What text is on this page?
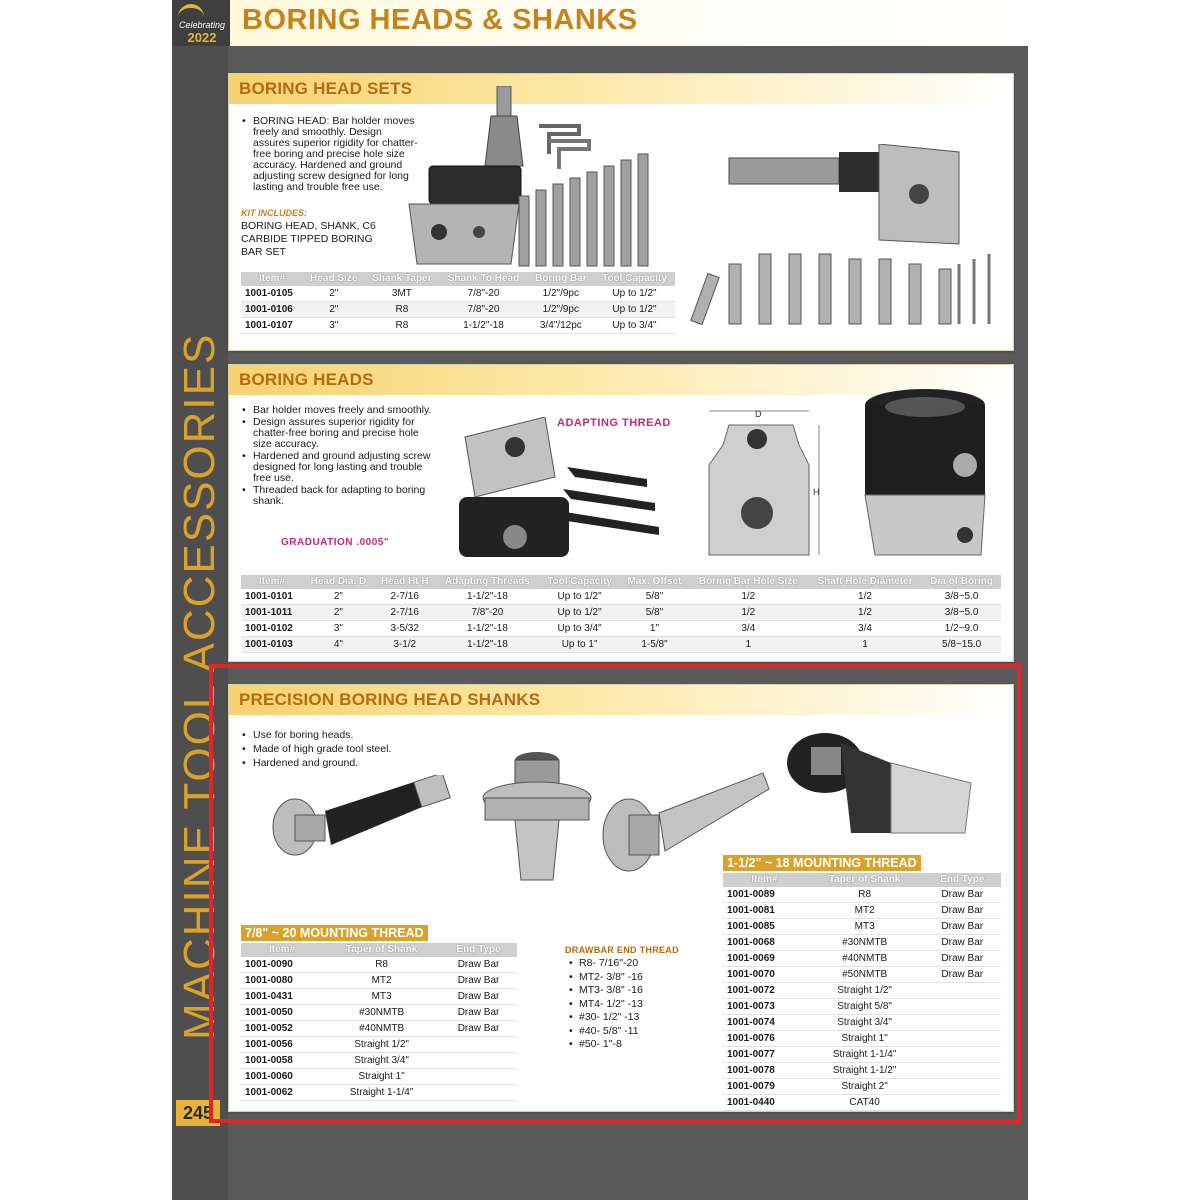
MACHINE TOOL ACCESSORIES
245
Celebrating
2022
BORING HEADS & SHANKS
BORING HEAD SETS
• BORING HEAD: Bar holder moves freely and smoothly. Design assures superior rigidity for chatter-free boring and precise hole size accuracy. Hardened and ground adjusting screw designed for long lasting and trouble free use.
KIT INCLUDES:
BORING HEAD, SHANK, C6 CARBIDE TIPPED BORING BAR SET
Item#	Head Size	Shank Taper	Shank To Head	Boring Bar	Tool Capacity
1001-0105	2"	3MT	7/8"-20	1/2"/9pc	Up to 1/2"
1001-0106	2"	R8	7/8"-20	1/2"/9pc	Up to 1/2"
1001-0107	3"	R8	1-1/2"-18	3/4"/12pc	Up to 3/4"
BORING HEADS
• Bar holder moves freely and smoothly.
• Design assures superior rigidity for chatter-free boring and precise hole size accuracy.
• Hardened and ground adjusting screw designed for long lasting and trouble free use.
• Threaded back for adapting to boring shank.
ADAPTING THREAD
GRADUATION .0005"
D
H
Item#	Head Dia. D	Head Ht H	Adapting Threads	Tool Capacity	Max. Offset	Boring Bar Hole Size	Shaft Hole Diameter	Dia of Boring
1001-0101	2"	2-7/16	1-1/2"-18	Up to 1/2"	5/8"	1/2	1/2	3/8~5.0
1001-1011	2"	2-7/16	7/8"-20	Up to 1/2"	5/8"	1/2	1/2	3/8~5.0
1001-0102	3"	3-5/32	1-1/2"-18	Up to 3/4"	1"	3/4	3/4	1/2~9.0
1001-0103	4"	3-1/2	1-1/2"-18	Up to 1"	1-5/8"	1	1	5/8~15.0
PRECISION BORING HEAD SHANKS
• Use for boring heads.
• Made of high grade tool steel.
• Hardened and ground.
7/8" ~ 20 MOUNTING THREAD
Item#	Taper of Shank	End Type
1001-0090	R8	Draw Bar
1001-0080	MT2	Draw Bar
1001-0431	MT3	Draw Bar
1001-0050	#30NMTB	Draw Bar
1001-0052	#40NMTB	Draw Bar
1001-0056	Straight 1/2"	
1001-0058	Straight 3/4"	
1001-0060	Straight 1"	
1001-0062	Straight 1-1/4"	
DRAWBAR END THREAD
• R8- 7/16"-20
• MT2- 3/8" -16
• MT3- 3/8" -16
• MT4- 1/2" -13
• #30- 1/2" -13
• #40- 5/8" -11
• #50- 1"-8
1-1/2" ~ 18 MOUNTING THREAD
Item#	Taper of Shank	End Type
1001-0089	R8	Draw Bar
1001-0081	MT2	Draw Bar
1001-0085	MT3	Draw Bar
1001-0068	#30NMTB	Draw Bar
1001-0069	#40NMTB	Draw Bar
1001-0070	#50NMTB	Draw Bar
1001-0072	Straight 1/2"	
1001-0073	Straight 5/8"	
1001-0074	Straight 3/4"	
1001-0076	Straight 1"	
1001-0077	Straight 1-1/4"	
1001-0078	Straight 1-1/2"	
1001-0079	Straight 2"	
1001-0440	CAT40	
